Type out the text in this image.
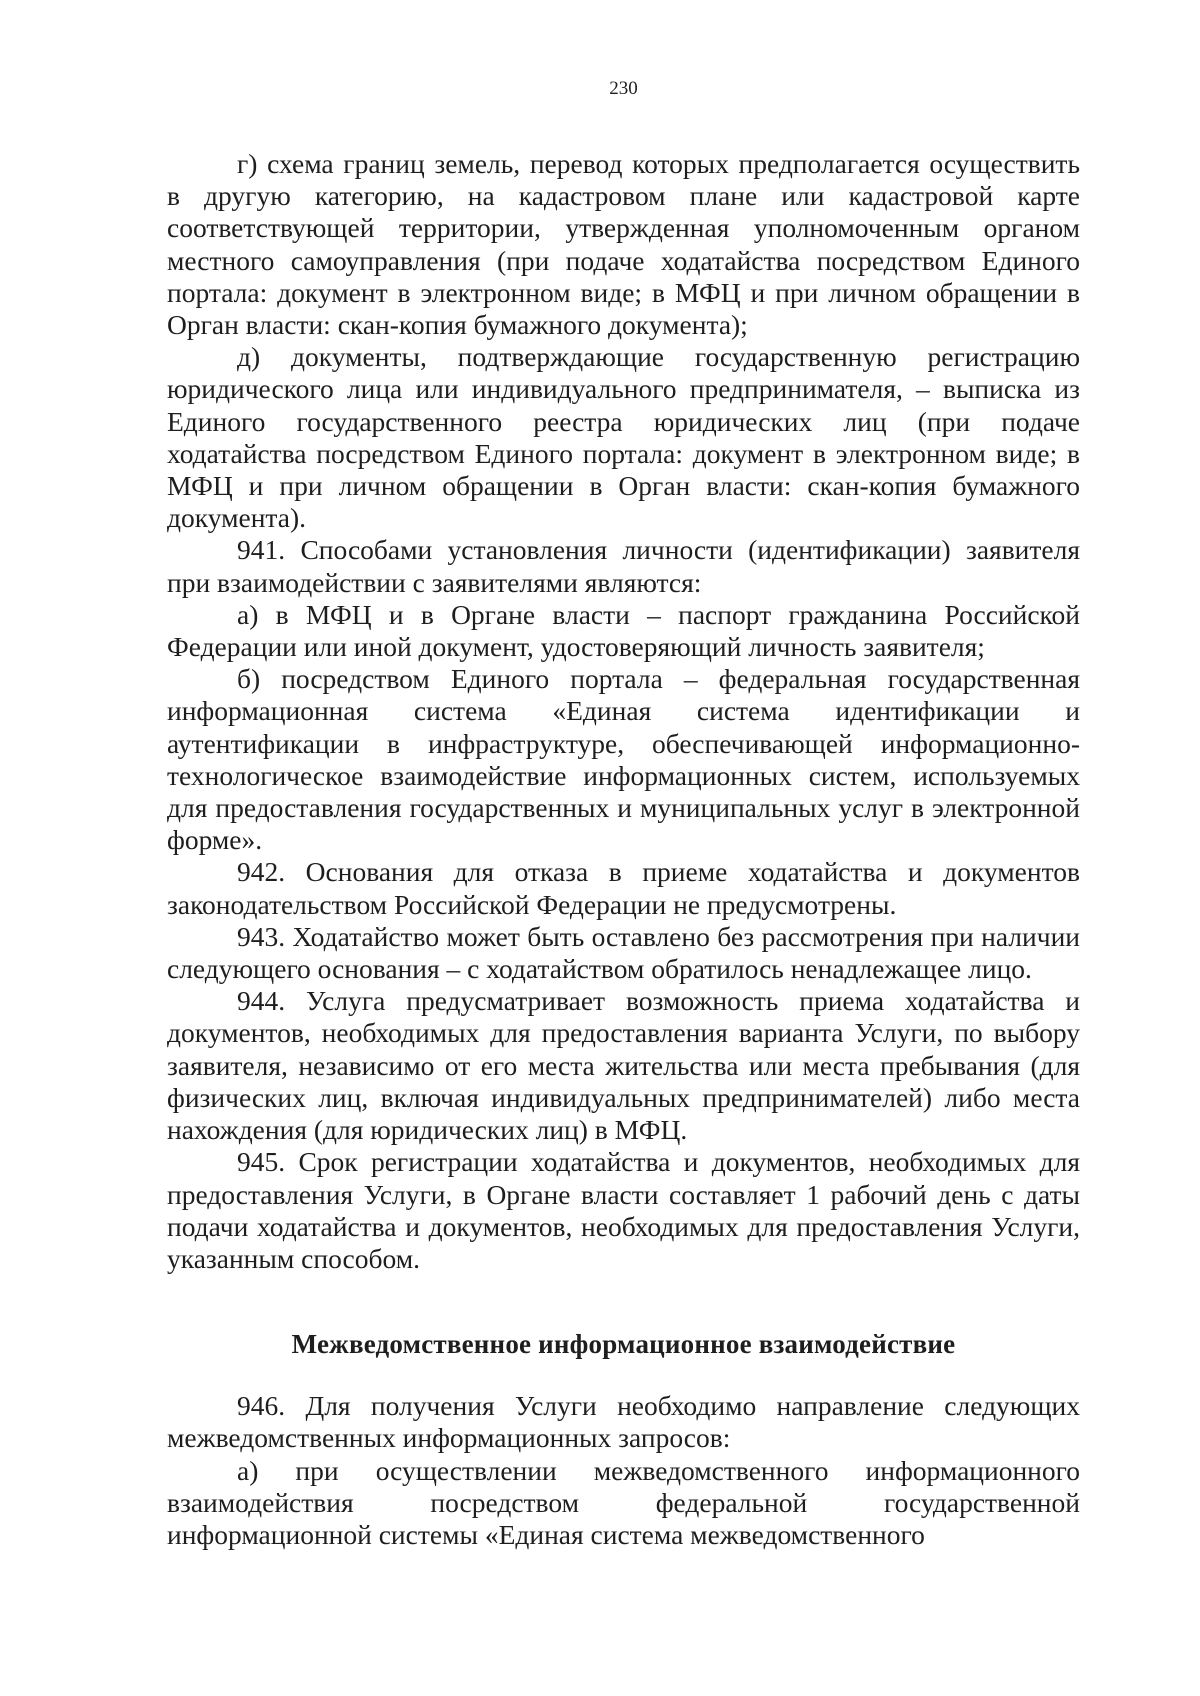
230

г) схема границ земель, перевод которых предполагается осуществить в другую категорию, на кадастровом плане или кадастровой карте соответствующей территории, утвержденная уполномоченным органом местного самоуправления (при подаче ходатайства посредством Единого портала: документ в электронном виде; в МФЦ и при личном обращении в Орган власти: скан-копия бумажного документа);

д) документы, подтверждающие государственную регистрацию юридического лица или индивидуального предпринимателя, – выписка из Единого государственного реестра юридических лиц (при подаче ходатайства посредством Единого портала: документ в электронном виде; в МФЦ и при личном обращении в Орган власти: скан-копия бумажного документа).

941. Способами установления личности (идентификации) заявителя при взаимодействии с заявителями являются:

а) в МФЦ и в Органе власти – паспорт гражданина Российской Федерации или иной документ, удостоверяющий личность заявителя;

б) посредством Единого портала – федеральная государственная информационная система «Единая система идентификации и аутентификации в инфраструктуре, обеспечивающей информационно-технологическое взаимодействие информационных систем, используемых для предоставления государственных и муниципальных услуг в электронной форме».

942. Основания для отказа в приеме ходатайства и документов законодательством Российской Федерации не предусмотрены.

943. Ходатайство может быть оставлено без рассмотрения при наличии следующего основания – с ходатайством обратилось ненадлежащее лицо.

944. Услуга предусматривает возможность приема ходатайства и документов, необходимых для предоставления варианта Услуги, по выбору заявителя, независимо от его места жительства или места пребывания (для физических лиц, включая индивидуальных предпринимателей) либо места нахождения (для юридических лиц) в МФЦ.

945. Срок регистрации ходатайства и документов, необходимых для предоставления Услуги, в Органе власти составляет 1 рабочий день с даты подачи ходатайства и документов, необходимых для предоставления Услуги, указанным способом.

Межведомственное информационное взаимодействие

946. Для получения Услуги необходимо направление следующих межведомственных информационных запросов:

а) при осуществлении межведомственного информационного взаимодействия посредством федеральной государственной информационной системы «Единая система межведомственного
